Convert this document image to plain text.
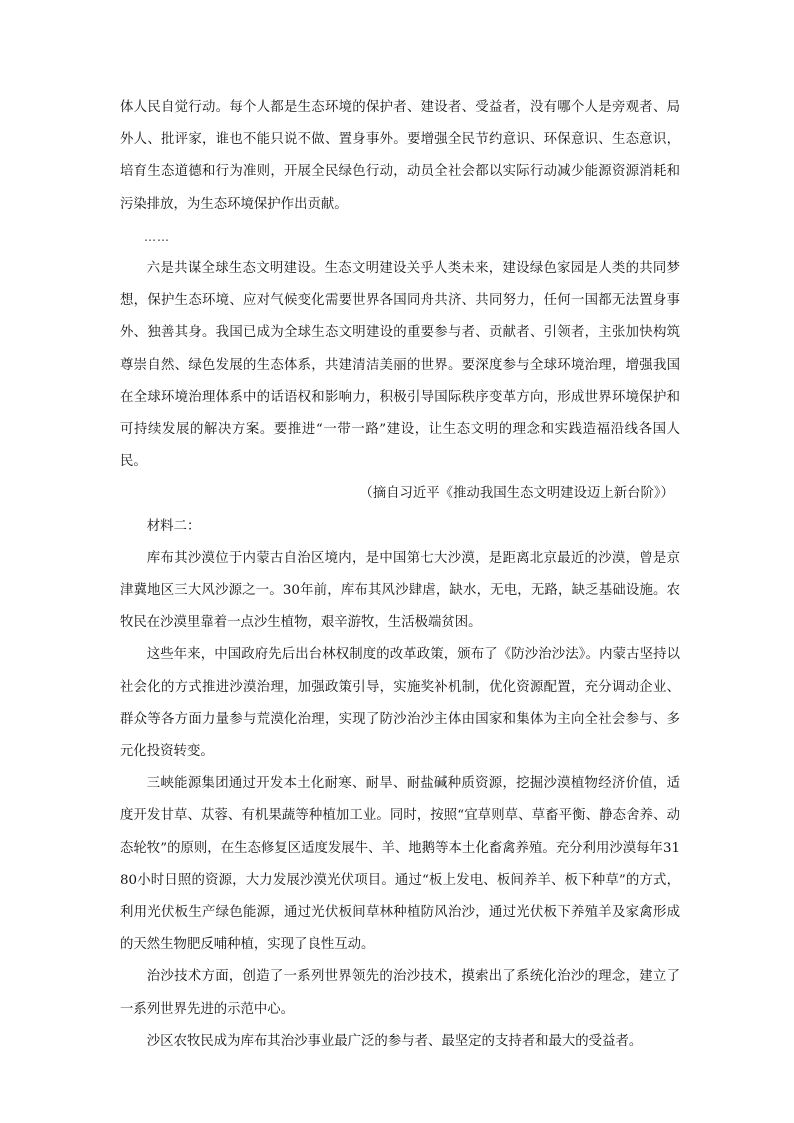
体人民自觉行动。每个人都是生态环境的保护者、建设者、受益者，没有哪个人是旁观者、局外人、批评家，谁也不能只说不做、置身事外。要增强全民节约意识、环保意识、生态意识，培育生态道德和行为准则，开展全民绿色行动，动员全社会都以实际行动减少能源资源消耗和污染排放，为生态环境保护作出贡献。

……

六是共谋全球生态文明建设。生态文明建设关乎人类未来，建设绿色家园是人类的共同梦想，保护生态环境、应对气候变化需要世界各国同舟共济、共同努力，任何一国都无法置身事外、独善其身。我国已成为全球生态文明建设的重要参与者、贡献者、引领者，主张加快构筑尊崇自然、绿色发展的生态体系，共建清洁美丽的世界。要深度参与全球环境治理，增强我国在全球环境治理体系中的话语权和影响力，积极引导国际秩序变革方向，形成世界环境保护和可持续发展的解决方案。要推进“一带一路”建设，让生态文明的理念和实践造福沿线各国人民。

（摘自习近平《推动我国生态文明建设迈上新台阶》）

材料二：

库布其沙漠位于内蒙古自治区境内，是中国第七大沙漠，是距离北京最近的沙漠，曾是京津冀地区三大风沙源之一。30年前，库布其风沙肆虐，缺水，无电，无路，缺乏基础设施。农牧民在沙漠里靠着一点沙生植物，艰辛游牧，生活极端贫困。

这些年来，中国政府先后出台林权制度的改革政策，颁布了《防沙治沙法》。内蒙古坚持以社会化的方式推进沙漠治理，加强政策引导，实施奖补机制，优化资源配置，充分调动企业、群众等各方面力量参与荒漠化治理，实现了防沙治沙主体由国家和集体为主向全社会参与、多元化投资转变。

三峡能源集团通过开发本土化耐寒、耐旱、耐盐碱种质资源，挖掘沙漠植物经济价值，适度开发甘草、苁蓉、有机果蔬等种植加工业。同时，按照“宜草则草、草畜平衡、静态舍养、动态轮牧”的原则，在生态修复区适度发展牛、羊、地鹅等本土化畜禽养殖。充分利用沙漠每年3180小时日照的资源，大力发展沙漠光伏项目。通过“板上发电、板间养羊、板下种草”的方式，利用光伏板生产绿色能源，通过光伏板间草林种植防风治沙，通过光伏板下养殖羊及家禽形成的天然生物肥反哺种植，实现了良性互动。

治沙技术方面，创造了一系列世界领先的治沙技术，摸索出了系统化治沙的理念，建立了一系列世界先进的示范中心。

沙区农牧民成为库布其治沙事业最广泛的参与者、最坚定的支持者和最大的受益者。
